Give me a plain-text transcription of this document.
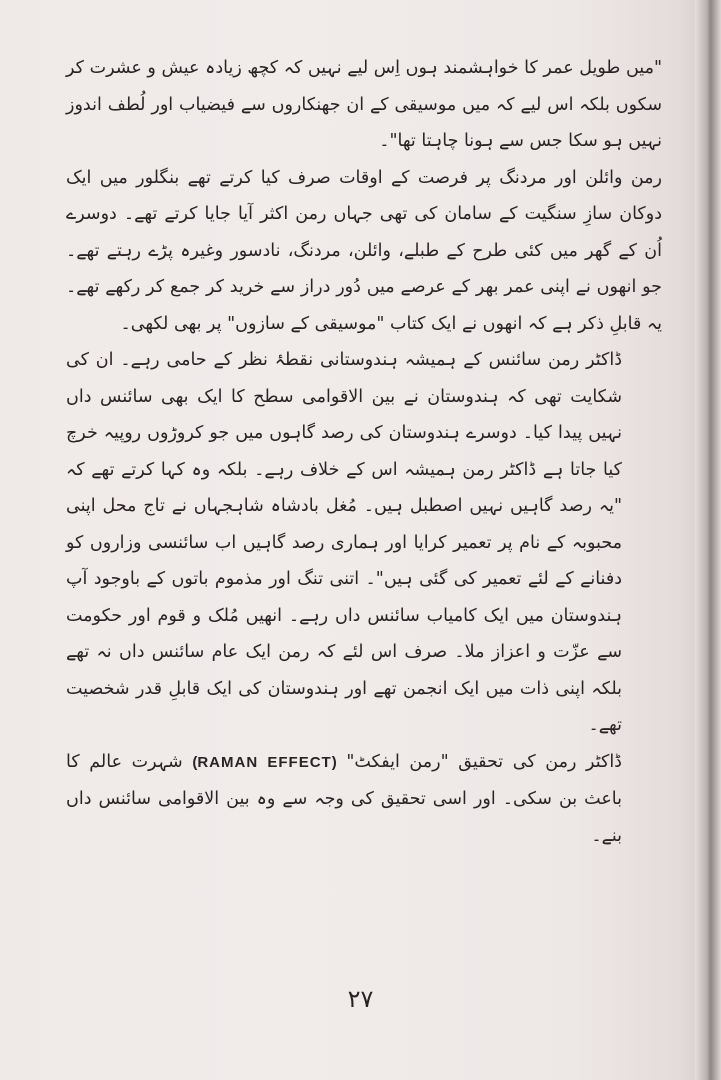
"میں طویل عمر کا خواہشمند ہوں اِس لیے نہیں کہ کچھ زیادہ عیش و عشرت کر سکوں بلکہ اس لیے کہ میں موسیقی کے ان جھنکاروں سے فیضیاب اور لُطف اندوز نہیں ہو سکا جس سے ہونا چاہتا تھا"۔

رمن وائلن اور مردنگ پر فرصت کے اوقات صرف کیا کرتے تھے بنگلور میں ایک دوکان سازِ سنگیت کے سامان کی تھی جہاں رمن اکثر آیا جایا کرتے تھے۔ دوسرے اُن کے گھر میں کئی طرح کے طبلے، وائلن، مردنگ، نادسور وغیرہ پڑے رہتے تھے۔ جو انھوں نے اپنی عمر بھر کے عرصے میں دُور دراز سے خرید کر جمع کر رکھے تھے۔ یہ قابلِ ذکر ہے کہ انھوں نے ایک کتاب "موسیقی کے سازوں" پر بھی لکھی۔

ڈاکٹر رمن سائنس کے ہمیشہ ہندوستانی نقطۂ نظر کے حامی رہے۔ ان کی شکایت تھی کہ ہندوستان نے بین الاقوامی سطح کا ایک بھی سائنس داں نہیں پیدا کیا۔ دوسرے ہندوستان کی رصد گاہوں میں جو کروڑوں روپیہ خرچ کیا جاتا ہے ڈاکٹر رمن ہمیشہ اس کے خلاف رہے۔ بلکہ وہ کہا کرتے تھے کہ "یہ رصد گاہیں نہیں اصطبل ہیں۔ مُغل بادشاہ شاہجہاں نے تاج محل اپنی محبوبہ کے نام پر تعمیر کرایا اور ہماری رصد گاہیں اب سائنسی وزاروں کو دفنانے کے لئے تعمیر کی گئی ہیں"۔ اتنی تنگ اور مذموم باتوں کے باوجود آپ ہندوستان میں ایک کامیاب سائنس داں رہے۔ انھیں مُلک و قوم اور حکومت سے عزّت و اعزاز ملا۔ صرف اس لئے کہ رمن ایک عام سائنس داں نہ تھے بلکہ اپنی ذات میں ایک انجمن تھے اور ہندوستان کی ایک قابلِ قدر شخصیت تھے۔

ڈاکٹر رمن کی تحقیق "رمن ایفکٹ" (RAMAN EFFECT) شہرت عالم کا باعث بن سکی۔ اور اسی تحقیق کی وجہ سے وہ بین الاقوامی سائنس داں بنے۔

۲۷
